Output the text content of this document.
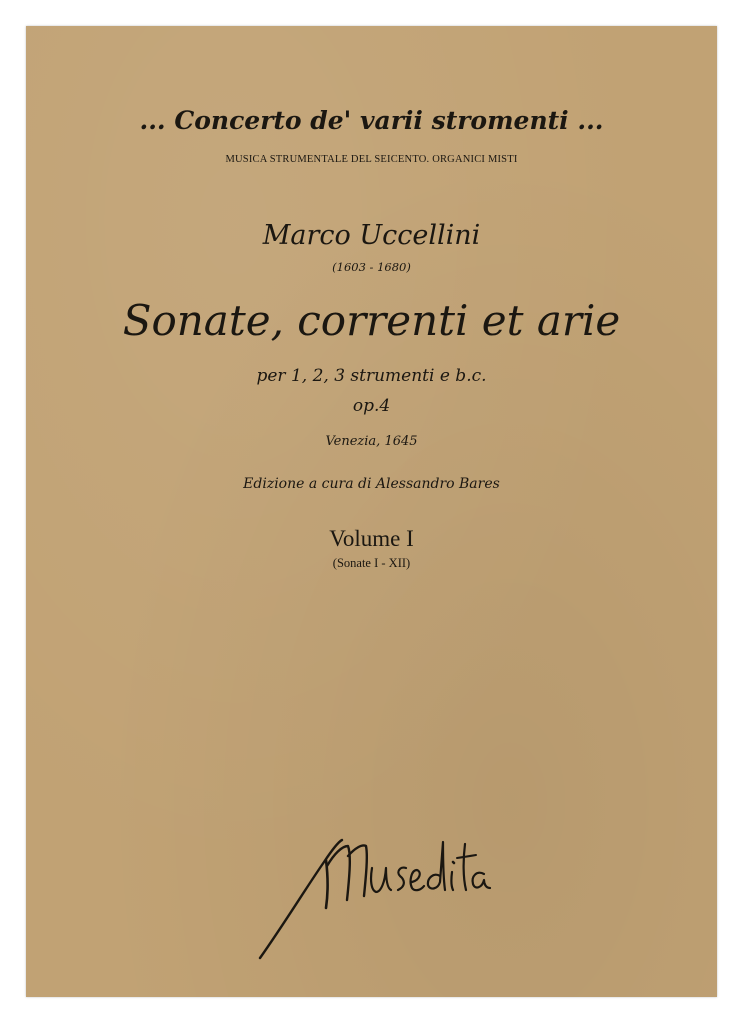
... Concerto de' varii stromenti ...
MUSICA STRUMENTALE DEL SEICENTO. ORGANICI MISTI
Marco Uccellini
(1603 - 1680)
Sonate, correnti et arie
per 1, 2, 3 strumenti e b.c.
op.4
Venezia, 1645
Edizione a cura di Alessandro Bares
Volume I
(Sonate I - XII)
